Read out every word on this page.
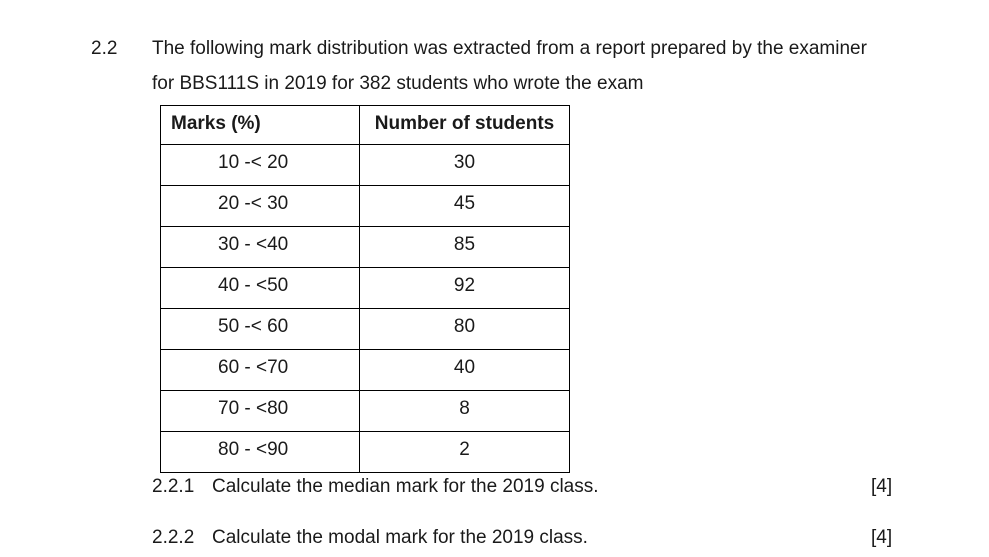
2.2 The following mark distribution was extracted from a report prepared by the examiner
for BBS111S in 2019 for 382 students who wrote the exam
Marks (%)	Number of students
10 -< 20	30
20 -< 30	45
30 - <40	85
40 - <50	92
50 -< 60	80
60 - <70	40
70 - <80	8
80 - <90	2
2.2.1 Calculate the median mark for the 2019 class.	[4]
2.2.2 Calculate the modal mark for the 2019 class.	[4]
